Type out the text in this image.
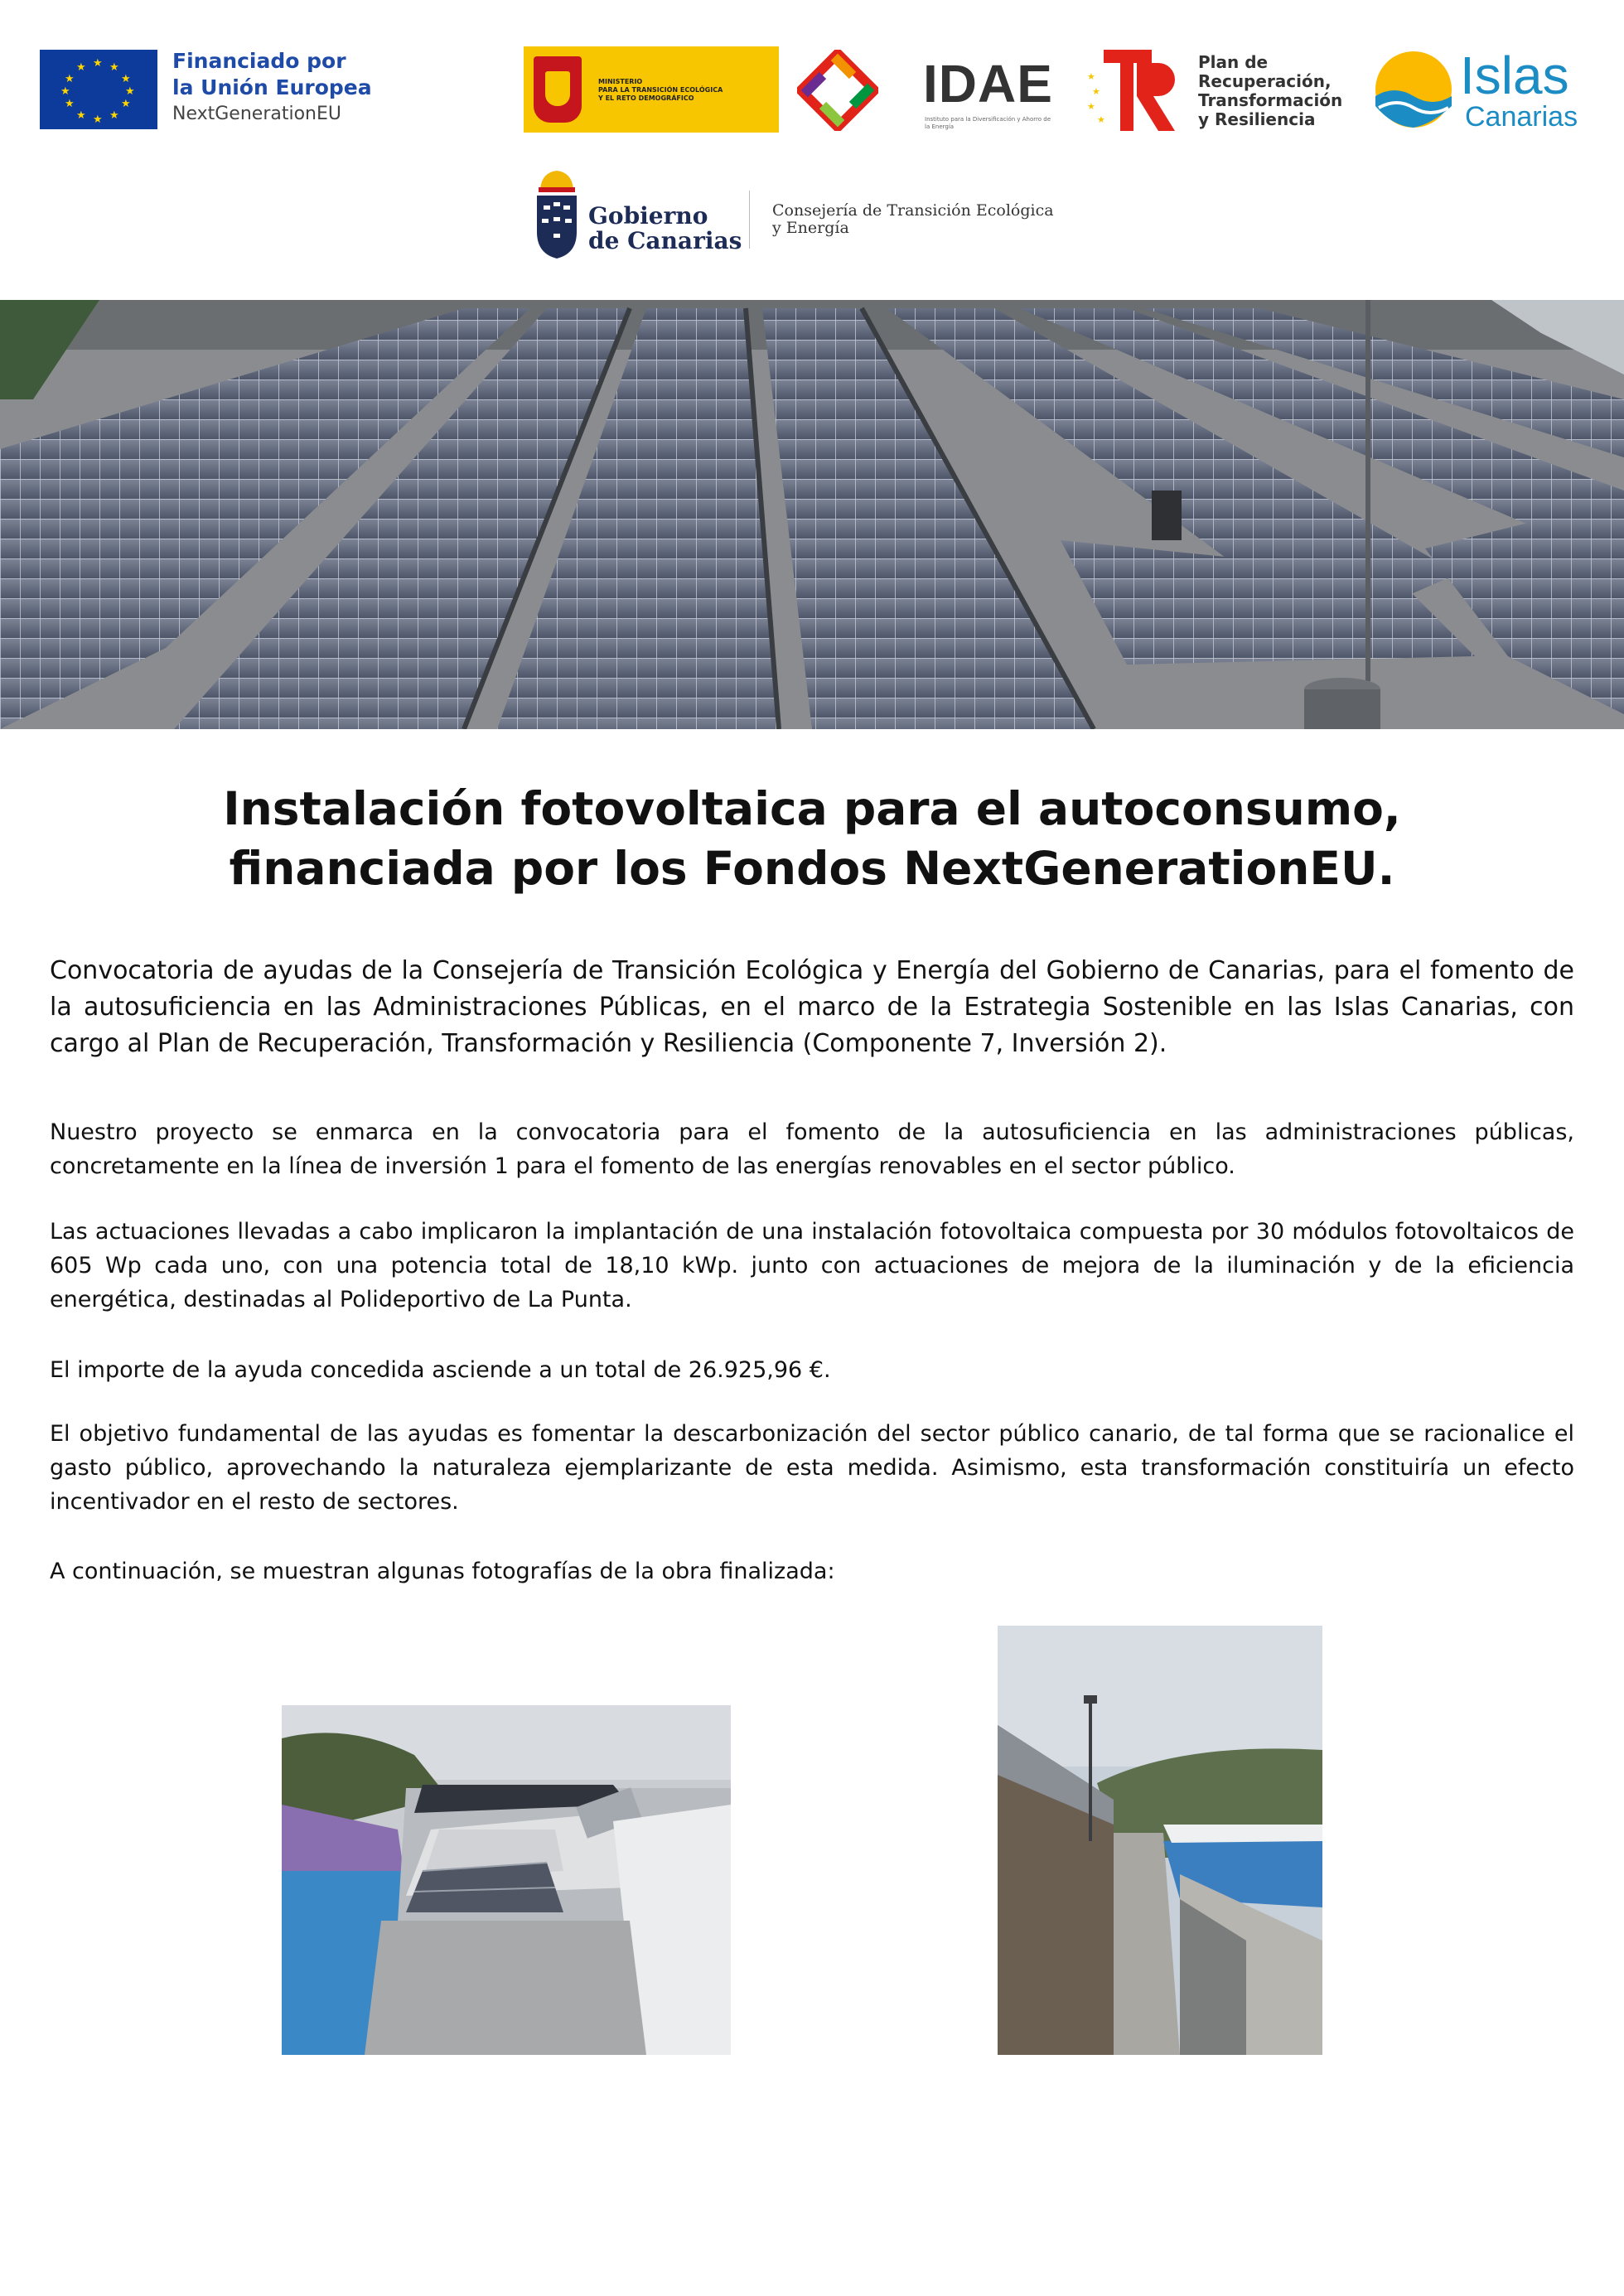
★ ★
★
★
★
★
★
★
★
★
★
★	Financiado por
la Unión Europea
NextGenerationEU
MINISTERIO
PARA LA TRANSICIÓN ECOLÓGICA
Y EL RETO DEMOGRÁFICO	IDAE
Instituto para la Diversificación y Ahorro de la Energía
★
★
★
★
Plan de
Recuperación,
Transformación
y Resiliencia
Islas
Canarias
Gobierno
de Canarias
Consejería de Transición Ecológica
y Energía
Instalación fotovoltaica para el autoconsumo,
financiada por los Fondos NextGenerationEU.
Convocatoria de ayudas de la Consejería de Transición Ecológica y Energía del Gobierno de Canarias, para el fomento de la autosuficiencia en las Administraciones Públicas, en el marco de la Estrategia Sostenible en las Islas Canarias, con cargo al Plan de Recuperación, Transformación y Resiliencia (Componente 7, Inversión 2).
Nuestro proyecto se enmarca en la convocatoria para el fomento de la autosuficiencia en las administraciones públicas, concretamente en la línea de inversión 1 para el fomento de las energías renovables en el sector público.
Las actuaciones llevadas a cabo implicaron la implantación de una instalación fotovoltaica compuesta por 30 módulos fotovoltaicos de 605 Wp cada uno, con una potencia total de 18,10 kWp. junto con actuaciones de mejora de la iluminación y de la eficiencia energética, destinadas al Polideportivo de La Punta.
El importe de la ayuda concedida asciende a un total de 26.925,96 €.
El objetivo fundamental de las ayudas es fomentar la descarbonización del sector público canario, de tal forma que se racionalice el gasto público, aprovechando la naturaleza ejemplarizante de esta medida. Asimismo, esta transformación constituiría un efecto incentivador en el resto de sectores.
A continuación, se muestran algunas fotografías de la obra finalizada:
